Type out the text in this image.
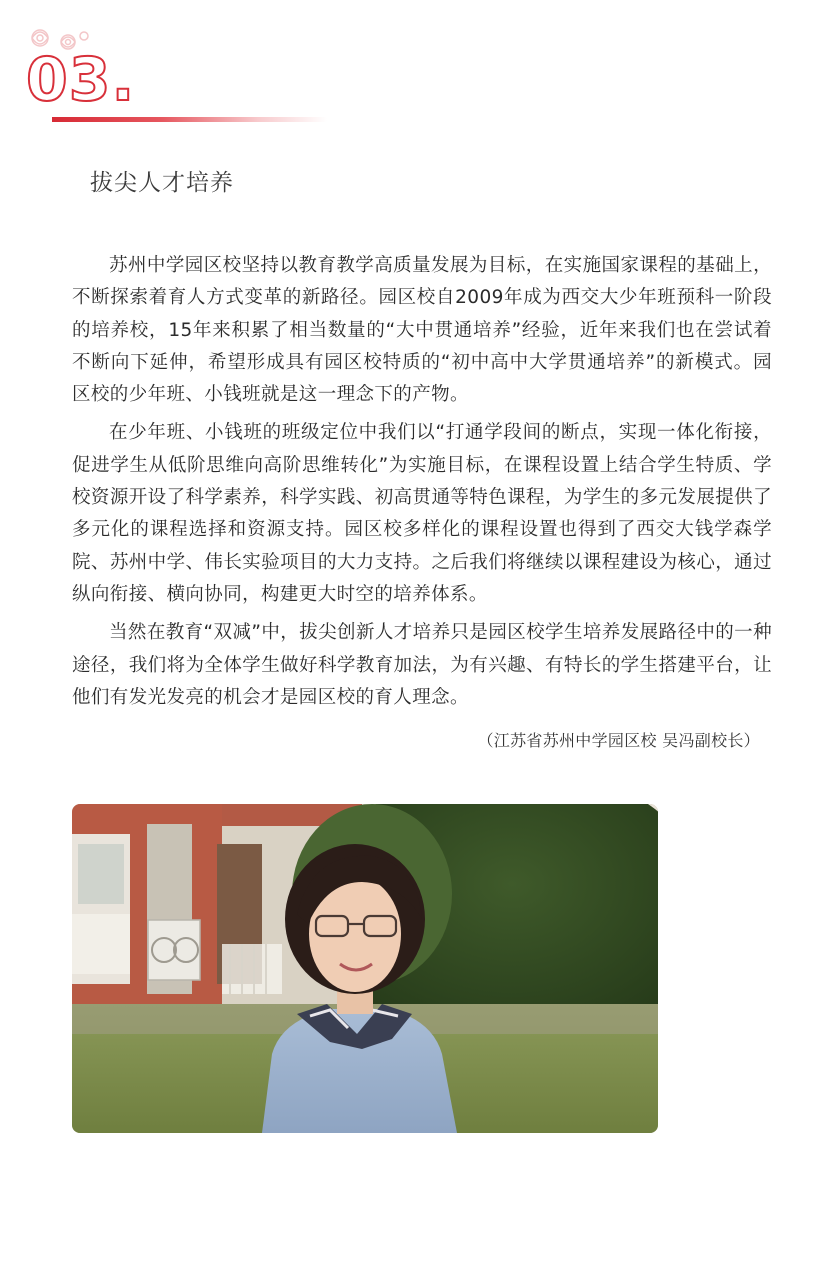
03.
拔尖人才培养

苏州中学园区校坚持以教育教学高质量发展为目标，在实施国家课程的基础上，不断探索着育人方式变革的新路径。园区校自2009年成为西交大少年班预科一阶段的培养校，15年来积累了相当数量的“大中贯通培养”经验，近年来我们也在尝试着不断向下延伸，希望形成具有园区校特质的“初中高中大学贯通培养”的新模式。园区校的少年班、小钱班就是这一理念下的产物。

在少年班、小钱班的班级定位中我们以“打通学段间的断点，实现一体化衔接，促进学生从低阶思维向高阶思维转化”为实施目标，在课程设置上结合学生特质、学校资源开设了科学素养，科学实践、初高贯通等特色课程，为学生的多元发展提供了多元化的课程选择和资源支持。园区校多样化的课程设置也得到了西交大钱学森学院、苏州中学、伟长实验项目的大力支持。之后我们将继续以课程建设为核心，通过纵向衔接、横向协同，构建更大时空的培养体系。

当然在教育“双减”中，拔尖创新人才培养只是园区校学生培养发展路径中的一种途径，我们将为全体学生做好科学教育加法，为有兴趣、有特长的学生搭建平台，让他们有发光发亮的机会才是园区校的育人理念。

（江苏省苏州中学园区校 吴冯副校长）
